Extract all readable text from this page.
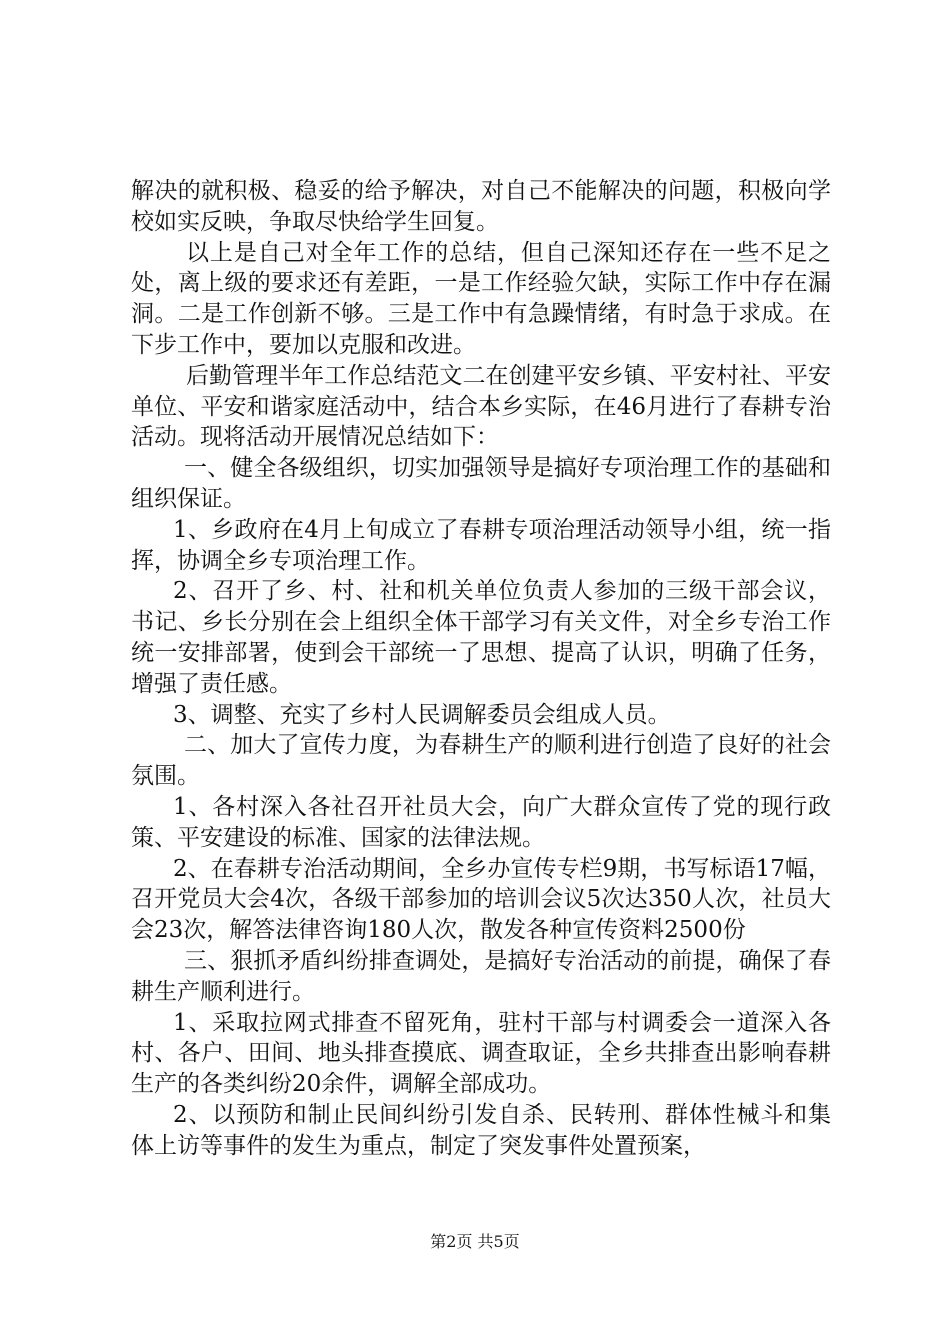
解决的就积极、稳妥的给予解决，对自己不能解决的问题，积极向学校如实反映，争取尽快给学生回复。

以上是自己对全年工作的总结，但自己深知还存在一些不足之处，离上级的要求还有差距，一是工作经验欠缺，实际工作中存在漏洞。二是工作创新不够。三是工作中有急躁情绪，有时急于求成。在下步工作中，要加以克服和改进。

后勤管理半年工作总结范文二在创建平安乡镇、平安村社、平安单位、平安和谐家庭活动中，结合本乡实际，在46月进行了春耕专治活动。现将活动开展情况总结如下：

一、健全各级组织，切实加强领导是搞好专项治理工作的基础和组织保证。

1、乡政府在4月上旬成立了春耕专项治理活动领导小组，统一指挥，协调全乡专项治理工作。

2、召开了乡、村、社和机关单位负责人参加的三级干部会议，书记、乡长分别在会上组织全体干部学习有关文件，对全乡专治工作统一安排部署，使到会干部统一了思想、提高了认识，明确了任务，增强了责任感。

3、调整、充实了乡村人民调解委员会组成人员。

二、加大了宣传力度，为春耕生产的顺利进行创造了良好的社会氛围。

1、各村深入各社召开社员大会，向广大群众宣传了党的现行政策、平安建设的标准、国家的法律法规。

2、在春耕专治活动期间，全乡办宣传专栏9期，书写标语17幅，召开党员大会4次，各级干部参加的培训会议5次达350人次，社员大会23次，解答法律咨询180人次，散发各种宣传资料2500份

三、狠抓矛盾纠纷排查调处，是搞好专治活动的前提，确保了春耕生产顺利进行。

1、采取拉网式排查不留死角，驻村干部与村调委会一道深入各村、各户、田间、地头排查摸底、调查取证，全乡共排查出影响春耕生产的各类纠纷20余件，调解全部成功。

2、以预防和制止民间纠纷引发自杀、民转刑、群体性械斗和集体上访等事件的发生为重点，制定了突发事件处置预案，

第2页 共5页
